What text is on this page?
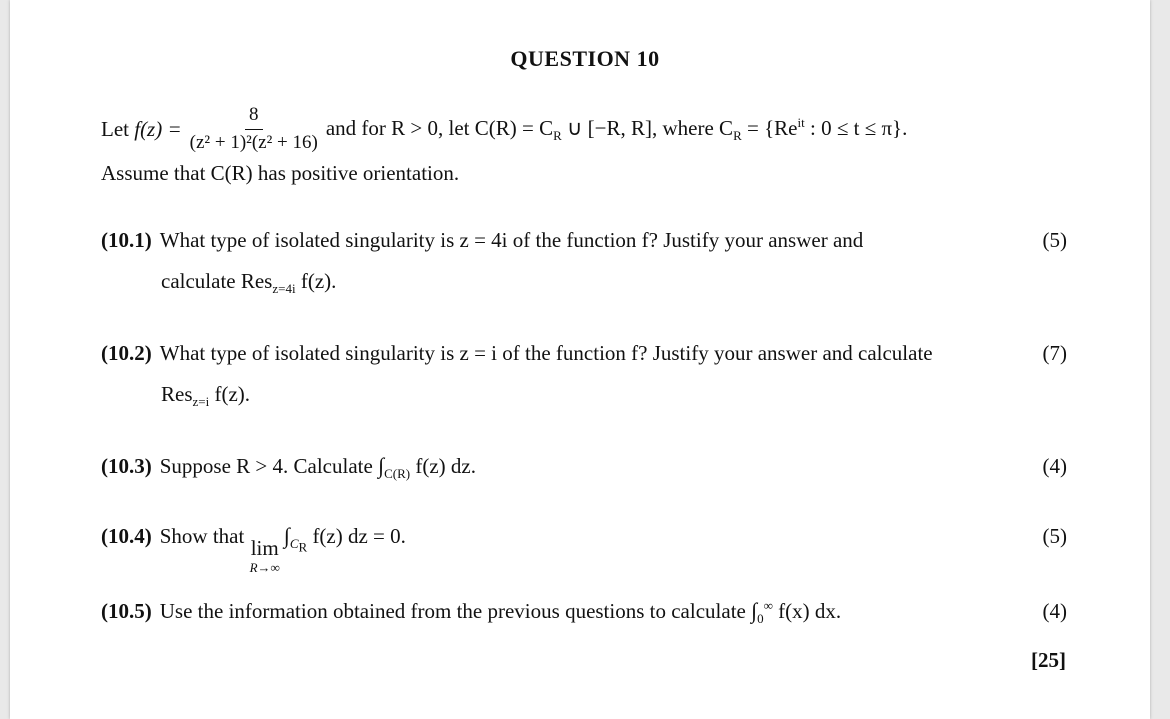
QUESTION 10
Let
$f(z) = \frac{8}{\text{(z² + 1)²(z² + 16)}}$ and for R > 0, let $C(R) = C_R$ ∪ [−R, R], where $C_R = \{Re^{it}$ : 0 ≤ t ≤ π}.
Assume that C(R) has positive orientation.
(10.1) What type of isolated singularity is z = 4i of the function f? Justify your answer and	(5)
calculate Res$_{z=4i}$ f(z).
(10.2) What type of isolated singularity is z = i of the function f? Justify your answer and calculate	(7)
Res$_{z=i}$ f(z).
(10.3) Suppose R > 4. Calculate $\int_{C(R)}$ f(z) dz.	(4)
(10.4) Show that lim
R→∞
$\int_{C_R}$ f(z) dz = 0.	(5)
(10.5) Use the information obtained from the previous questions to calculate $\int_0^\infty$ f(x) dx.	(4)
[25]
